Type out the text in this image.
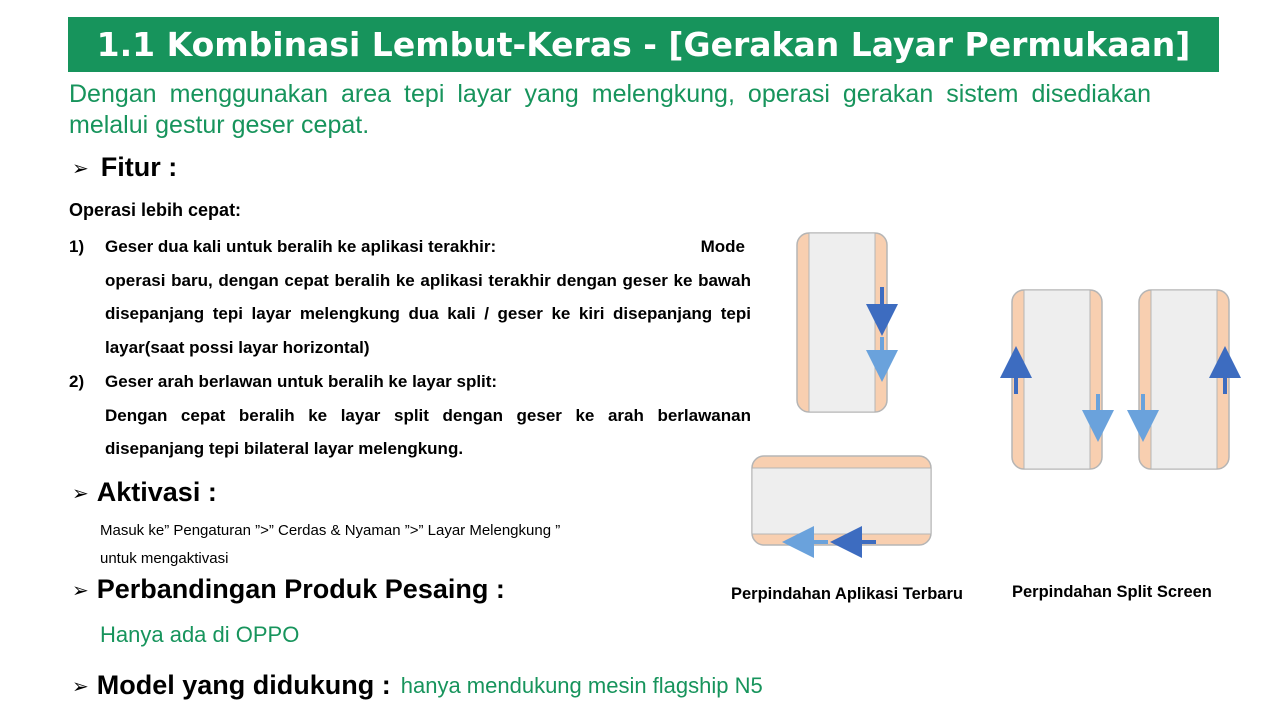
1.1 Kombinasi Lembut-Keras - [Gerakan Layar Permukaan]
Dengan menggunakan area tepi layar yang melengkung, operasi gerakan sistem disediakan melalui gestur geser cepat.
➢ Fitur :
Operasi lebih cepat:
1) Geser dua kali untuk beralih ke aplikasi terakhir:	Mode
operasi baru, dengan cepat beralih ke aplikasi terakhir dengan geser ke bawah disepanjang tepi layar melengkung dua kali / geser ke kiri disepanjang tepi layar(saat possi layar horizontal)
2) Geser arah berlawan untuk beralih ke layar split:
Dengan cepat beralih ke layar split dengan geser ke arah berlawanan disepanjang tepi bilateral layar melengkung.
➢ Aktivasi :
Masuk ke” Pengaturan ”>” Cerdas & Nyaman ”>” Layar Melengkung ” untuk mengaktivasi
➢ Perbandingan Produk Pesaing :
Hanya ada di OPPO
➢ Model yang didukung : hanya mendukung mesin flagship N5
Perpindahan Aplikasi Terbaru	Perpindahan Split Screen
